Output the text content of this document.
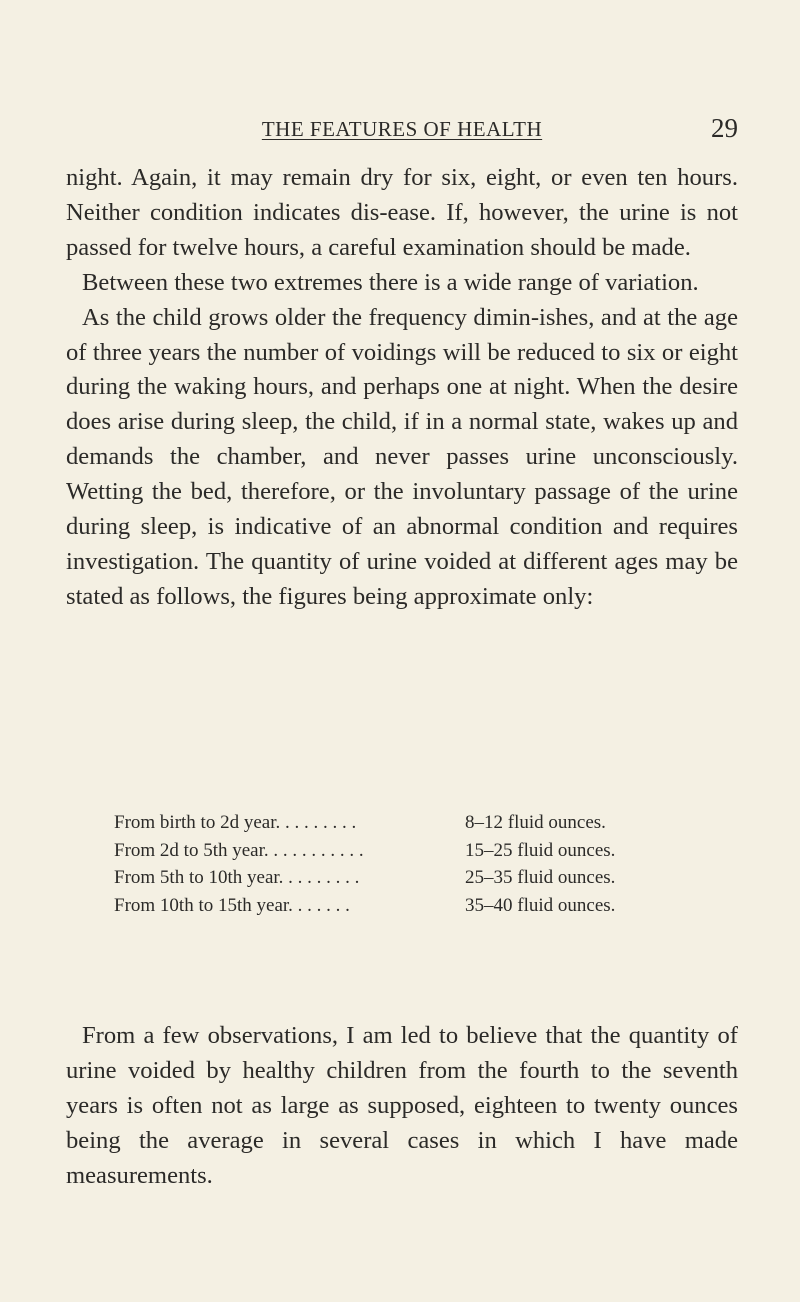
THE FEATURES OF HEALTH	29

night. Again, it may remain dry for six, eight, or even ten hours. Neither condition indicates dis-ease. If, however, the urine is not passed for twelve hours, a careful examination should be made.

Between these two extremes there is a wide range of variation.

As the child grows older the frequency dimin-ishes, and at the age of three years the number of voidings will be reduced to six or eight during the waking hours, and perhaps one at night. When the desire does arise during sleep, the child, if in a normal state, wakes up and demands the chamber, and never passes urine unconsciously. Wetting the bed, therefore, or the involuntary passage of the urine during sleep, is indicative of an abnormal condition and requires investigation. The quantity of urine voided at different ages may be stated as follows, the figures being approximate only:

From birth to 2d year. . . . . . . . .	8–12 fluid ounces.
From 2d to 5th year. . . . . . . . . . .	15–25 fluid ounces.
From 5th to 10th year. . . . . . . . .	25–35 fluid ounces.
From 10th to 15th year. . . . . . .	35–40 fluid ounces.

From a few observations, I am led to believe that the quantity of urine voided by healthy children from the fourth to the seventh years is often not as large as supposed, eighteen to twenty ounces being the average in several cases in which I have made measurements.
